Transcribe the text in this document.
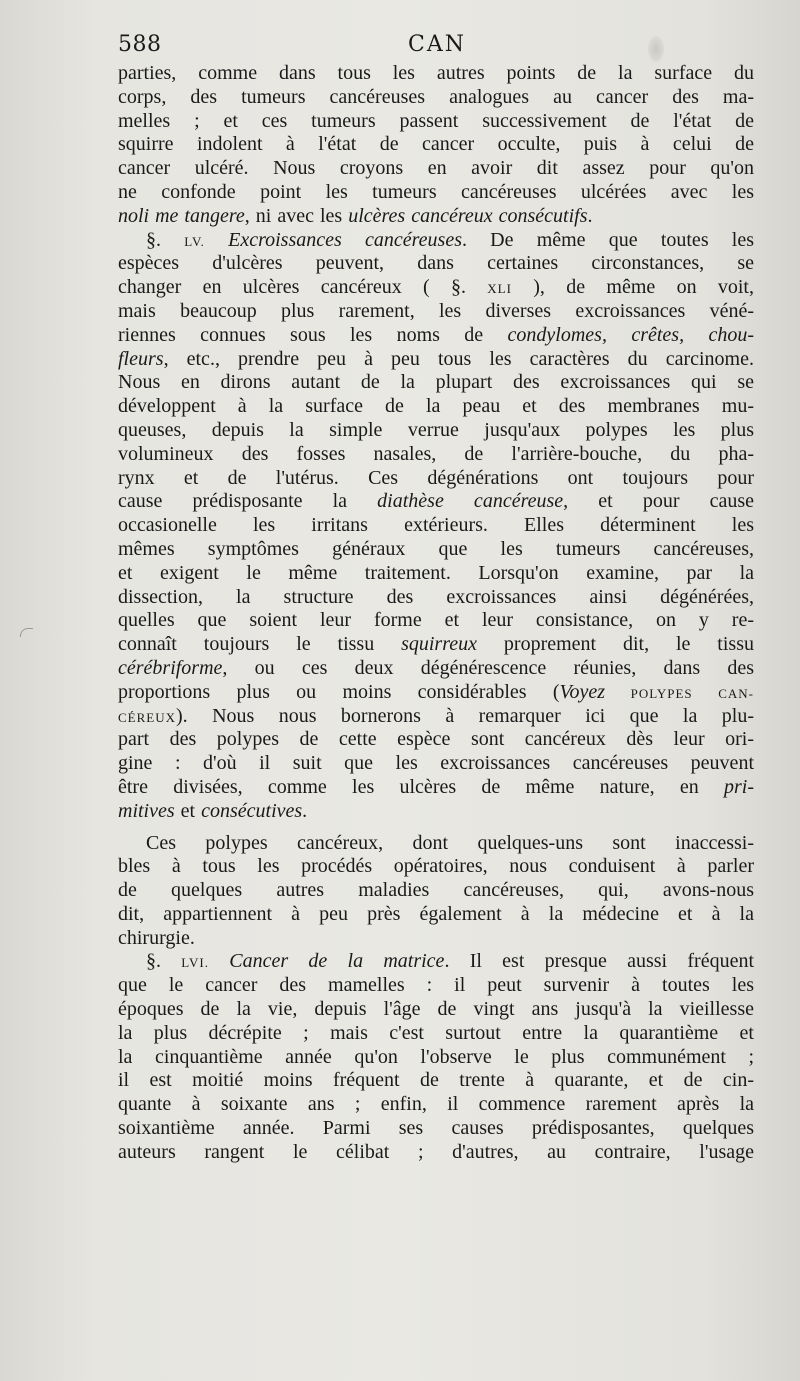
588	CAN
parties, comme dans tous les autres points de la surface du
corps, des tumeurs cancéreuses analogues au cancer des ma-
melles ; et ces tumeurs passent successivement de l'état de
squirre indolent à l'état de cancer occulte, puis à celui de
cancer ulcéré. Nous croyons en avoir dit assez pour qu'on
ne confonde point les tumeurs cancéreuses ulcérées avec les
noli me tangere, ni avec les ulcères cancéreux consécutifs.
§. LV. Excroissances cancéreuses. De même que toutes les
espèces d'ulcères peuvent, dans certaines circonstances, se
changer en ulcères cancéreux ( §. XLI ), de même on voit,
mais beaucoup plus rarement, les diverses excroissances véné-
riennes connues sous les noms de condylomes, crêtes, chou-
fleurs, etc., prendre peu à peu tous les caractères du carcinome.
Nous en dirons autant de la plupart des excroissances qui se
développent à la surface de la peau et des membranes mu-
queuses, depuis la simple verrue jusqu'aux polypes les plus
volumineux des fosses nasales, de l'arrière-bouche, du pha-
rynx et de l'utérus. Ces dégénérations ont toujours pour
cause prédisposante la diathèse cancéreuse, et pour cause
occasionelle les irritans extérieurs. Elles déterminent les
mêmes symptômes généraux que les tumeurs cancéreuses,
et exigent le même traitement. Lorsqu'on examine, par la
dissection, la structure des excroissances ainsi dégénérées,
quelles que soient leur forme et leur consistance, on y re-
connaît toujours le tissu squirreux proprement dit, le tissu
cérébriforme, ou ces deux dégénérescence réunies, dans des
proportions plus ou moins considérables (Voyez POLYPES CAN-
CÉREUX). Nous nous bornerons à remarquer ici que la plu-
part des polypes de cette espèce sont cancéreux dès leur ori-
gine : d'où il suit que les excroissances cancéreuses peuvent
être divisées, comme les ulcères de même nature, en pri-
mitives et consécutives.
Ces polypes cancéreux, dont quelques-uns sont inaccessi-
bles à tous les procédés opératoires, nous conduisent à parler
de quelques autres maladies cancéreuses, qui, avons-nous
dit, appartiennent à peu près également à la médecine et à la
chirurgie.
§. LVI. Cancer de la matrice. Il est presque aussi fréquent
que le cancer des mamelles : il peut survenir à toutes les
époques de la vie, depuis l'âge de vingt ans jusqu'à la vieillesse
la plus décrépite ; mais c'est surtout entre la quarantième et
la cinquantième année qu'on l'observe le plus communément ;
il est moitié moins fréquent de trente à quarante, et de cin-
quante à soixante ans ; enfin, il commence rarement après la
soixantième année. Parmi ses causes prédisposantes, quelques
auteurs rangent le célibat ; d'autres, au contraire, l'usage
